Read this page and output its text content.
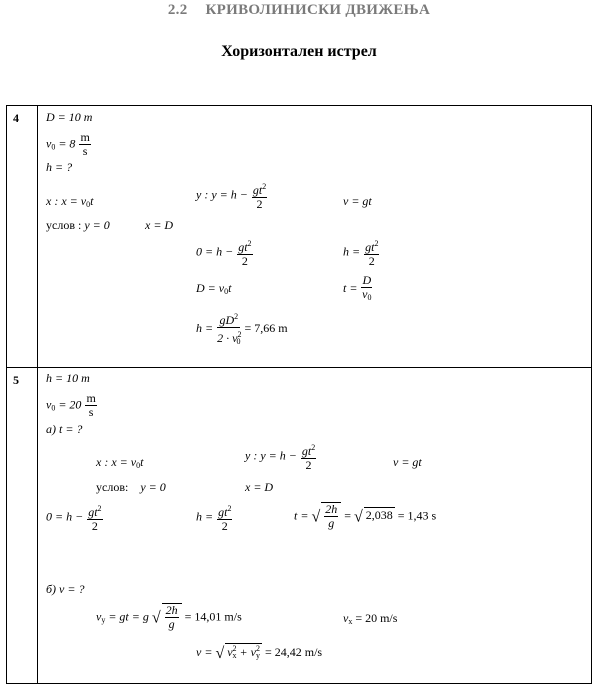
2.2 КРИВОЛИНИСКИ ДВИЖЕЊА
Хоризонтален истрел
4 D = 10 m
$v_0 = 8 \frac{m}{s}$
h = ?
x : $x = v_0t$	y : $y = h - \frac{gt^2}{2}$	v = gt
услов : y = 0	x = D
$0 = h - \frac{gt^2}{2}$	$h = \frac{gt^2}{2}$
$D = v_0t$	$t = \frac{D}{v_0}$
$h = \frac{gD^2}{2 \cdot v^2_0} = 7,66$ m
5 h = 10 m
$v_0 = 20 \frac{m}{s}$
а) t = ?
x : $x = v_0t$	y : $y = h - \frac{gt^2}{2}$	v = gt
услов: y = 0	x = D
$0 = h - \frac{gt^2}{2}$	$h = \frac{gt^2}{2}$	t = √ $\frac{2h}{g}$ = √ 2,038 = 1,43 s
б) v = ?
$v_y$ = gt = g √ $\frac{2h}{g} = 14,01$ m/s	$v_x = 20$ m/s
v = √ $v_x^2 + v_y^2 = 24,42$ m/s
